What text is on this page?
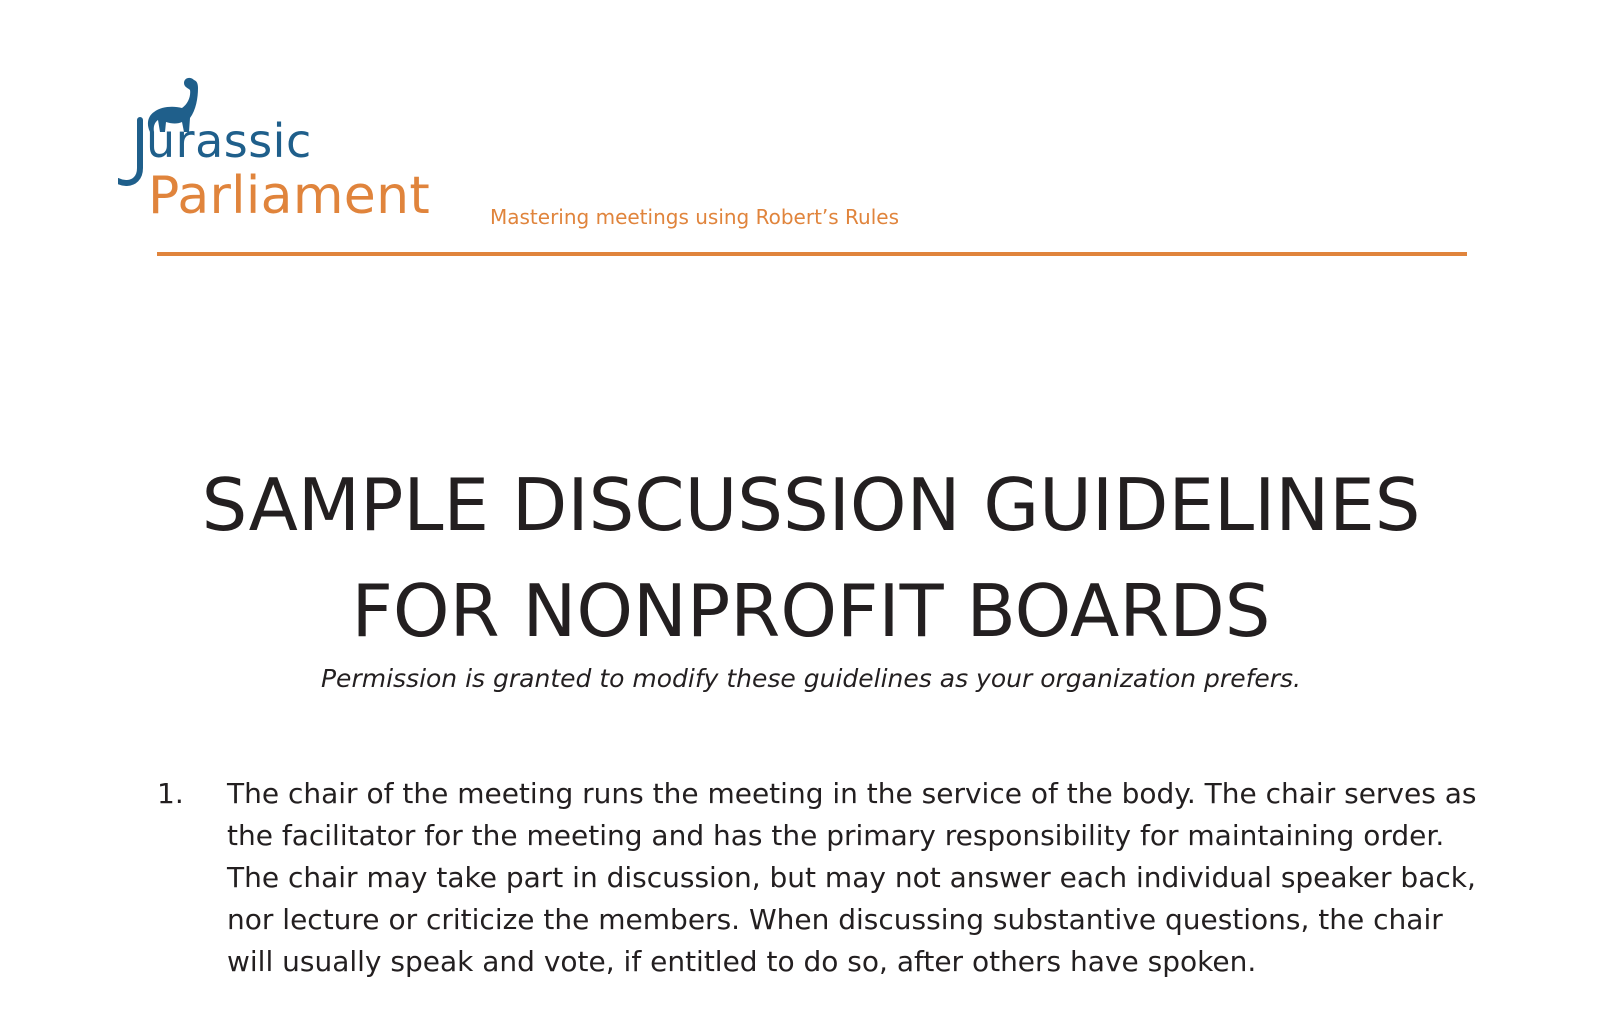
urassic
Parliament	Mastering meetings using Robert’s Rules
SAMPLE DISCUSSION GUIDELINES
FOR NONPROFIT BOARDS
Permission is granted to modify these guidelines as your organization prefers.
1. The chair of the meeting runs the meeting in the service of the body. The chair serves as the facilitator for the meeting and has the primary responsibility for maintaining order. The chair may take part in discussion, but may not answer each individual speaker back, nor lecture or criticize the members. When discussing substantive questions, the chair will usually speak and vote, if entitled to do so, after others have spoken.
